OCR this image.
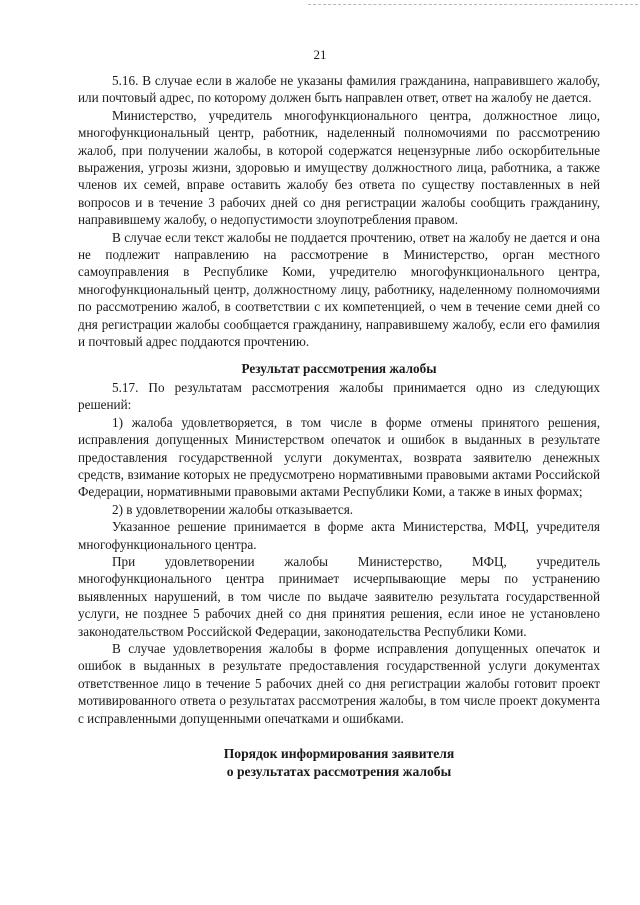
21

5.16. В случае если в жалобе не указаны фамилия гражданина, направившего жалобу, или почтовый адрес, по которому должен быть направлен ответ, ответ на жалобу не дается.

Министерство, учредитель многофункционального центра, должностное лицо, многофункциональный центр, работник, наделенный полномочиями по рассмотрению жалоб, при получении жалобы, в которой содержатся нецензурные либо оскорбительные выражения, угрозы жизни, здоровью и имуществу должностного лица, работника, а также членов их семей, вправе оставить жалобу без ответа по существу поставленных в ней вопросов и в течение 3 рабочих дней со дня регистрации жалобы сообщить гражданину, направившему жалобу, о недопустимости злоупотребления правом.

В случае если текст жалобы не поддается прочтению, ответ на жалобу не дается и она не подлежит направлению на рассмотрение в Министерство, орган местного самоуправления в Республике Коми, учредителю многофункционального центра, многофункциональный центр, должностному лицу, работнику, наделенному полномочиями по рассмотрению жалоб, в соответствии с их компетенцией, о чем в течение семи дней со дня регистрации жалобы сообщается гражданину, направившему жалобу, если его фамилия и почтовый адрес поддаются прочтению.

Результат рассмотрения жалобы

5.17. По результатам рассмотрения жалобы принимается одно из следующих решений:

1) жалоба удовлетворяется, в том числе в форме отмены принятого решения, исправления допущенных Министерством опечаток и ошибок в выданных в результате предоставления государственной услуги документах, возврата заявителю денежных средств, взимание которых не предусмотрено нормативными правовыми актами Российской Федерации, нормативными правовыми актами Республики Коми, а также в иных формах;

2) в удовлетворении жалобы отказывается.

Указанное решение принимается в форме акта Министерства, МФЦ, учредителя многофункционального центра.

При удовлетворении жалобы Министерство, МФЦ, учредитель многофункционального центра принимает исчерпывающие меры по устранению выявленных нарушений, в том числе по выдаче заявителю результата государственной услуги, не позднее 5 рабочих дней со дня принятия решения, если иное не установлено законодательством Российской Федерации, законодательства Республики Коми.

В случае удовлетворения жалобы в форме исправления допущенных опечаток и ошибок в выданных в результате предоставления государственной услуги документах ответственное лицо в течение 5 рабочих дней со дня регистрации жалобы готовит проект мотивированного ответа о результатах рассмотрения жалобы, в том числе проект документа с исправленными допущенными опечатками и ошибками.

Порядок информирования заявителя
о результатах рассмотрения жалобы
